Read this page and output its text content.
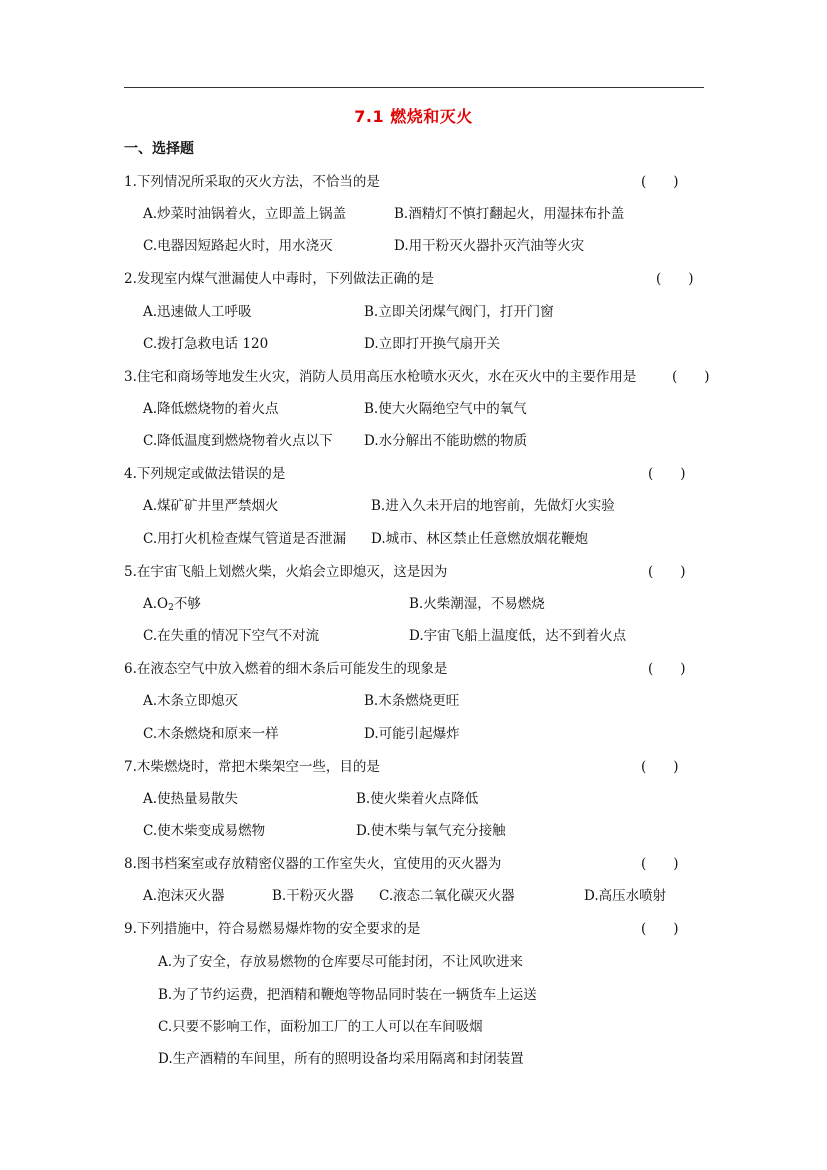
7.1 燃烧和灭火
一、选择题
1.下列情况所采取的灭火方法，不恰当的是	(　　)
A.炒菜时油锅着火，立即盖上锅盖	B.酒精灯不慎打翻起火，用湿抹布扑盖
C.电器因短路起火时，用水浇灭	D.用干粉灭火器扑灭汽油等火灾
2.发现室内煤气泄漏使人中毒时，下列做法正确的是	(　　)
A.迅速做人工呼吸	B.立即关闭煤气阀门，打开门窗
C.拨打急救电话 120	D.立即打开换气扇开关
3.住宅和商场等地发生火灾，消防人员用高压水枪喷水灭火，水在灭火中的主要作用是	(　　)
A.降低燃烧物的着火点	B.使大火隔绝空气中的氧气
C.降低温度到燃烧物着火点以下 D.水分解出不能助燃的物质
4.下列规定或做法错误的是	(　　)
A.煤矿矿井里严禁烟火	B.进入久未开启的地窖前，先做灯火实验
C.用打火机检查煤气管道是否泄漏 D.城市、林区禁止任意燃放烟花鞭炮
5.在宇宙飞船上划燃火柴，火焰会立即熄灭，这是因为	(　　)
$A.O_2$不够	B.火柴潮湿，不易燃烧
C.在失重的情况下空气不对流	D.宇宙飞船上温度低，达不到着火点
6.在液态空气中放入燃着的细木条后可能发生的现象是	(　　)
A.木条立即熄灭	B.木条燃烧更旺
C.木条燃烧和原来一样	D.可能引起爆炸
7.木柴燃烧时，常把木柴架空一些，目的是	(　　)
A.使热量易散失	B.使火柴着火点降低
C.使木柴变成易燃物	D.使木柴与氧气充分接触
8.图书档案室或存放精密仪器的工作室失火，宜使用的灭火器为	(　　)
A.泡沫灭火器	B.干粉灭火器 C.液态二氧化碳灭火器	D.高压水喷射
9.下列措施中，符合易燃易爆炸物的安全要求的是	(　　)
A.为了安全，存放易燃物的仓库要尽可能封闭，不让风吹进来
B.为了节约运费，把酒精和鞭炮等物品同时装在一辆货车上运送
C.只要不影响工作，面粉加工厂的工人可以在车间吸烟
D.生产酒精的车间里，所有的照明设备均采用隔离和封闭装置
